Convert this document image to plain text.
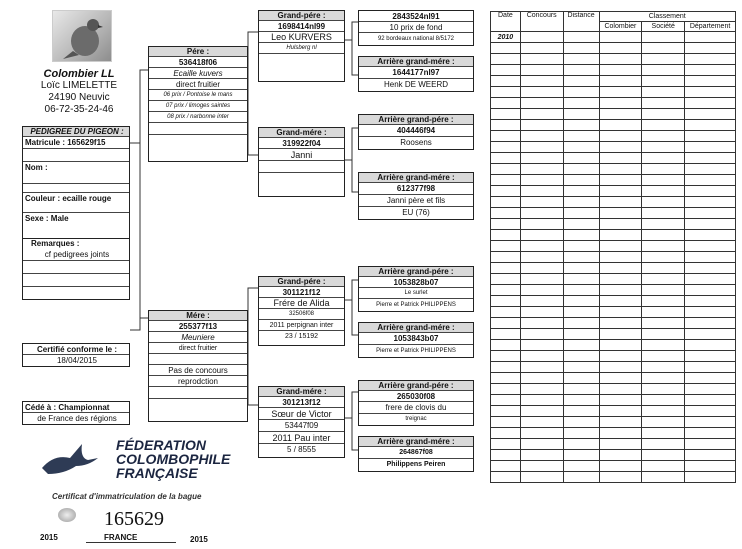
Colombier LL
Loïc LIMELETTE
24190 Neuvic
06-72-35-24-46
PEDIGREE DU PIGEON :
Matricule : 165629f15
Nom :
Couleur : ecaille rouge
Sexe : Male
Remarques :
cf pedigrees joints
Certifié conforme le :
18/04/2015
Cédé à : Championnat
de France des régions
Pére :
536418f06
Ecaille kuvers
direct fruitier
06 prix / Pontoise le mans
07 prix / limoges saintes
08 prix / narbonne inter
Mére :
255377f13
Meuniere
direct fruitier
Pas de concours
reprodction
Grand-pére :
1698414nl99
Leo KURVERS
Hulsberg nl
Grand-mére :
319922f04
Janni
Grand-pére :
301121f12
Frére de Alida
32506f08
2011 perpignan inter
23 / 15192
Grand-mére :
301213f12
Sœur de Victor
53447f09
2011 Pau inter
5 / 8555
2843524nl91
10 prix de fond
92 bordeaux national 8/5172
Arrière grand-mére :
1644177nl97
Henk DE WEERD
Arrière grand-pére :
404446f94
Roosens
Arrière grand-mére :
612377f98
Janni père et fils
EU (76)
Arrière grand-pére :
1053828b07
Le surlet
Pierre et Patrick PHILIPPENS
Arrière grand-mére :
1053843b07
Pierre et Patrick PHILIPPENS
Arrière grand-pére :
265030f08
frere de clovis du
treignac
Arrière grand-mére :
264867f08
Philippens Peiren
Date	Concours	Distance	Classement		
			Colombier	Société	Département
2010					

FÉDERATION
COLOMBOPHILE
FRANÇAISE
Certificat d'immatriculation de la bague
165629
2015	FRANCE	2015
